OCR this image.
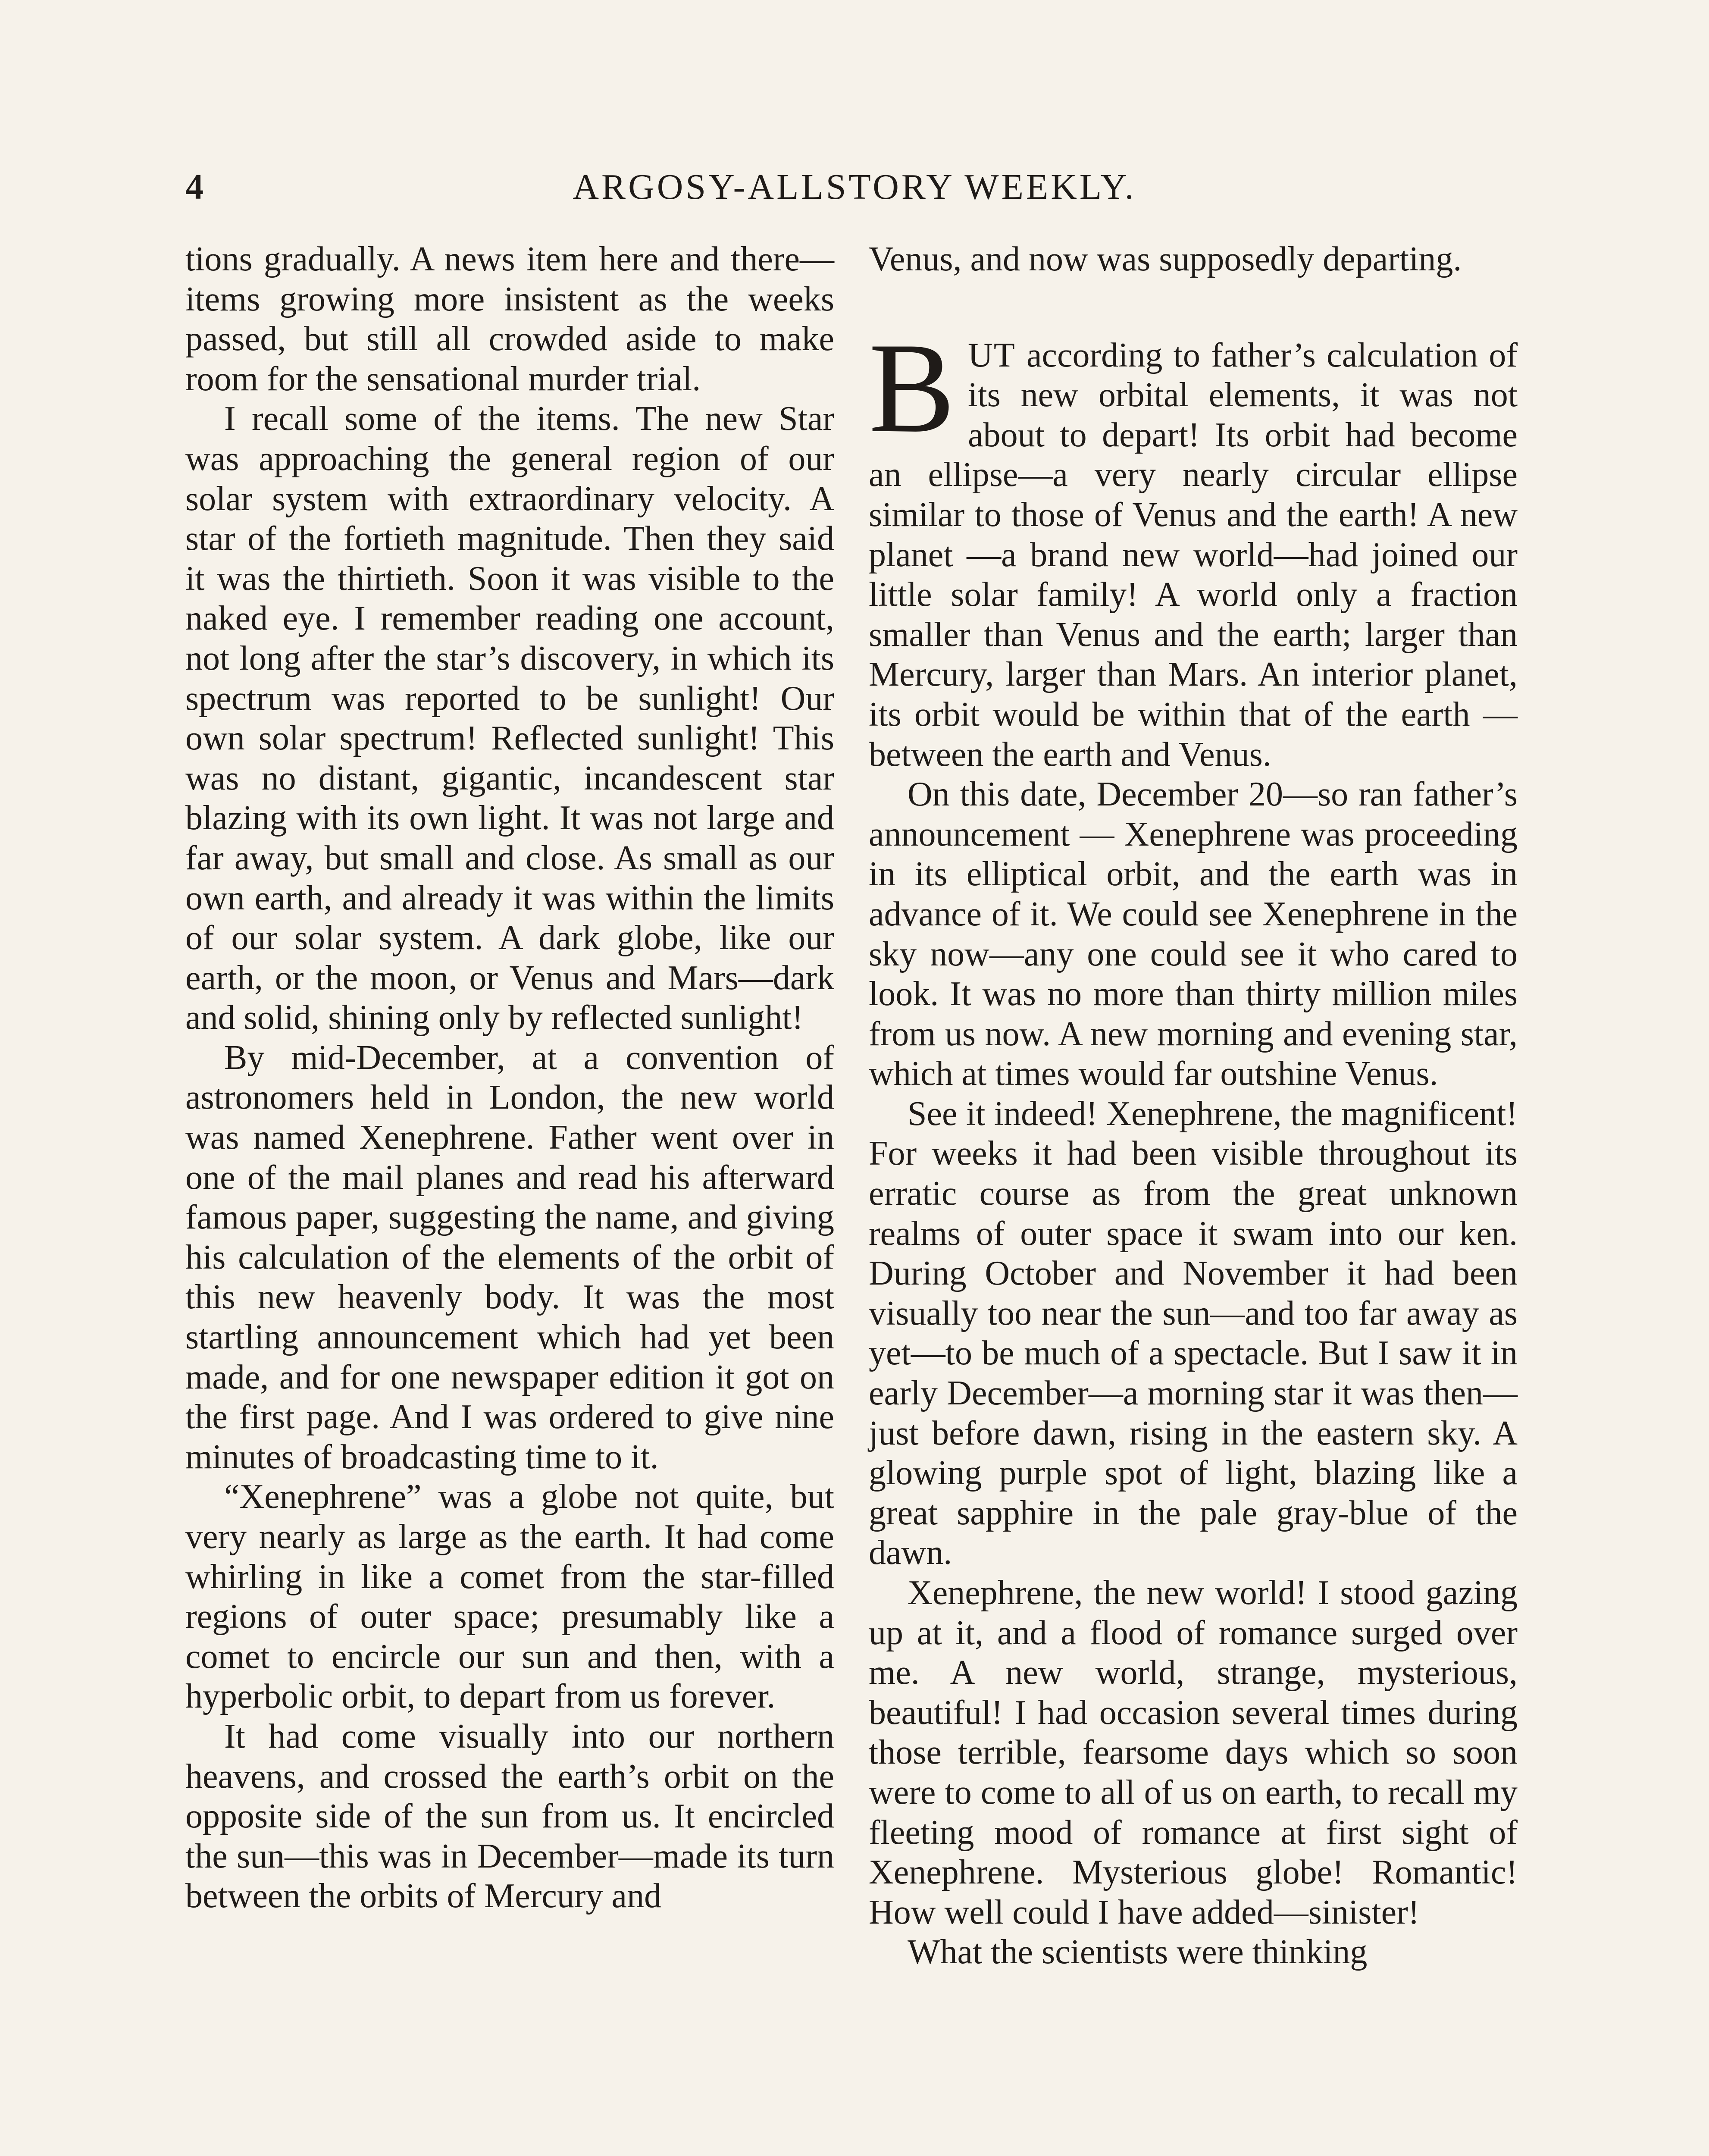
4	ARGOSY-ALLSTORY WEEKLY.

tions gradually. A news item here and there—items growing more insistent as the weeks passed, but still all crowded aside to make room for the sensational murder trial.

I recall some of the items. The new Star was approaching the general region of our solar system with extraordinary velocity. A star of the fortieth magnitude. Then they said it was the thirtieth. Soon it was visible to the naked eye. I remember reading one account, not long after the star’s discovery, in which its spectrum was reported to be sunlight! Our own solar spectrum! Reflected sunlight! This was no distant, gigantic, incandescent star blazing with its own light. It was not large and far away, but small and close. As small as our own earth, and already it was within the limits of our solar system. A dark globe, like our earth, or the moon, or Venus and Mars—dark and solid, shining only by reflected sunlight!

By mid-December, at a convention of astronomers held in London, the new world was named Xenephrene. Father went over in one of the mail planes and read his afterward famous paper, suggesting the name, and giving his calculation of the elements of the orbit of this new heavenly body. It was the most startling announcement which had yet been made, and for one newspaper edition it got on the first page. And I was ordered to give nine minutes of broadcasting time to it.

“Xenephrene” was a globe not quite, but very nearly as large as the earth. It had come whirling in like a comet from the star-filled regions of outer space; presumably like a comet to encircle our sun and then, with a hyperbolic orbit, to depart from us forever.

It had come visually into our northern heavens, and crossed the earth’s orbit on the opposite side of the sun from us. It encircled the sun—this was in December—made its turn between the orbits of Mercury and

Venus, and now was supposedly departing.

BUT according to father’s calculation of its new orbital elements, it was not about to depart! Its orbit had become an ellipse—a very nearly circular ellipse similar to those of Venus and the earth! A new planet —a brand new world—had joined our little solar family! A world only a fraction smaller than Venus and the earth; larger than Mercury, larger than Mars. An interior planet, its orbit would be within that of the earth —between the earth and Venus.

On this date, December 20—so ran father’s announcement — Xenephrene was proceeding in its elliptical orbit, and the earth was in advance of it. We could see Xenephrene in the sky now—any one could see it who cared to look. It was no more than thirty million miles from us now. A new morning and evening star, which at times would far outshine Venus.

See it indeed! Xenephrene, the magnificent! For weeks it had been visible throughout its erratic course as from the great unknown realms of outer space it swam into our ken. During October and November it had been visually too near the sun—and too far away as yet—to be much of a spectacle. But I saw it in early December—a morning star it was then—just before dawn, rising in the eastern sky. A glowing purple spot of light, blazing like a great sapphire in the pale gray-blue of the dawn.

Xenephrene, the new world! I stood gazing up at it, and a flood of romance surged over me. A new world, strange, mysterious, beautiful! I had occasion several times during those terrible, fearsome days which so soon were to come to all of us on earth, to recall my fleeting mood of romance at first sight of Xenephrene. Mysterious globe! Romantic! How well could I have added—sinister!

What the scientists were thinking
